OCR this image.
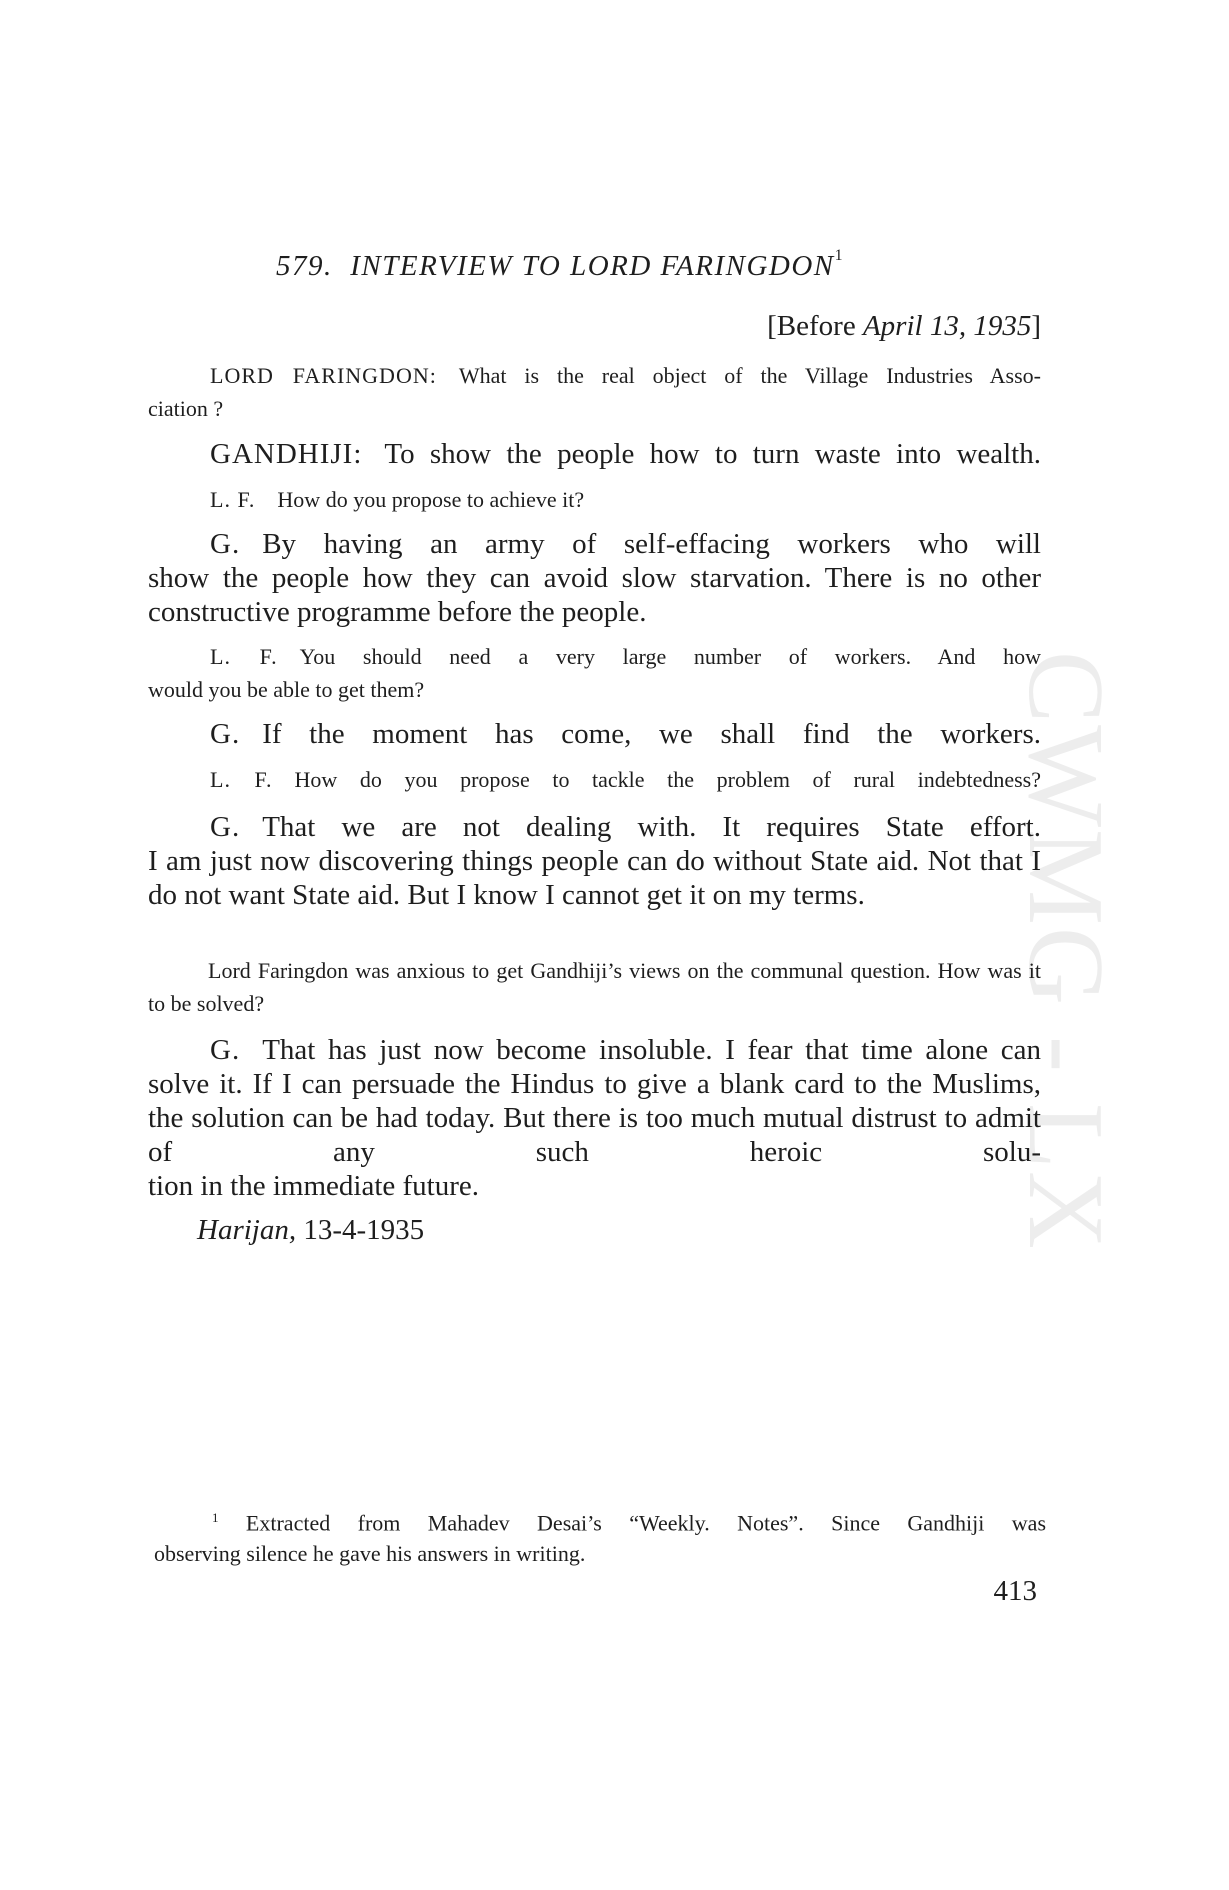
CWMG - LX
579. INTERVIEW TO LORD FARINGDON$^1$
[Before April 13, 1935]
LORD FARINGDON: What is the real object of the Village Industries Asso-
ciation ?
GANDHIJI: To show the people how to turn waste into wealth.
L. F. How do you propose to achieve it?
G. By having an army of self-effacing workers who will
show the people how they can avoid slow starvation. There is no other constructive programme before the people.
L. F. You should need a very large number of workers. And how
would you be able to get them?
G. If the moment has come, we shall find the workers.
L. F. How do you propose to tackle the problem of rural indebtedness?
G. That we are not dealing with. It requires State effort.
I am just now discovering things people can do without State aid. Not that I do not want State aid. But I know I cannot get it on my terms.
Lord Faringdon was anxious to get Gandhiji’s views on the communal question. How was it to be solved?
G. That has just now become insoluble. I fear that time alone can solve it. If I can persuade the Hindus to give a blank card to the Muslims, the solution can be had today. But there is too much mutual distrust to admit of any such heroic solu-
tion in the immediate future.
Harijan, 13-4-1935
$^1$ Extracted from Mahadev Desai’s “Weekly. Notes”. Since Gandhiji was
observing silence he gave his answers in writing.
413
